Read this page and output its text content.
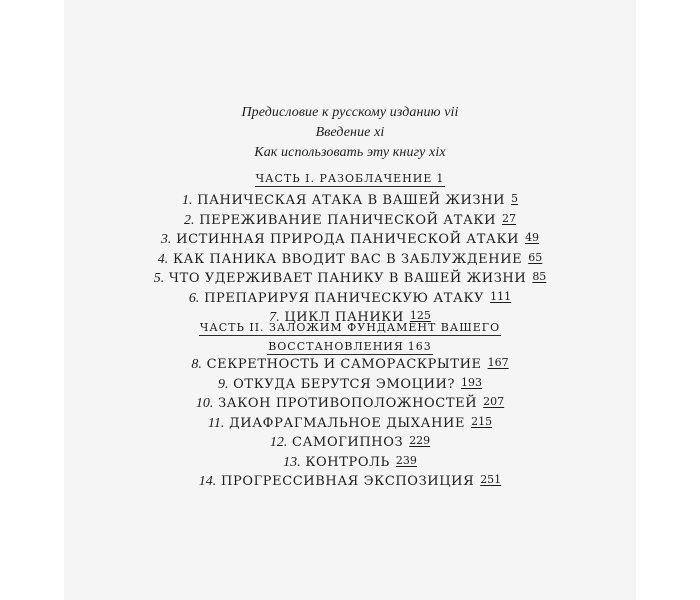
Предисловие к русскому изданию vii
Введение xi
Как использовать эту книгу xix
ЧАСТЬ I. РАЗОБЛАЧЕНИЕ 1
1. ПАНИЧЕСКАЯ АТАКА В ВАШЕЙ ЖИЗНИ 5
2. ПЕРЕЖИВАНИЕ ПАНИЧЕСКОЙ АТАКИ 27
3. ИСТИННАЯ ПРИРОДА ПАНИЧЕСКОЙ АТАКИ 49
4. КАК ПАНИКА ВВОДИТ ВАС В ЗАБЛУЖДЕНИЕ 65
5. ЧТО УДЕРЖИВАЕТ ПАНИКУ В ВАШЕЙ ЖИЗНИ 85
6. ПРЕПАРИРУЯ ПАНИЧЕСКУЮ АТАКУ 111
7. ЦИКЛ ПАНИКИ 125
ЧАСТЬ II. ЗАЛОЖИМ ФУНДАМЕНТ ВАШЕГО
ВОССТАНОВЛЕНИЯ 163
8. СЕКРЕТНОСТЬ И САМОРАСКРЫТИЕ 167
9. ОТКУДА БЕРУТСЯ ЭМОЦИИ? 193
10. ЗАКОН ПРОТИВОПОЛОЖНОСТЕЙ 207
11. ДИАФРАГМАЛЬНОЕ ДЫХАНИЕ 215
12. САМОГИПНОЗ 229
13. КОНТРОЛЬ 239
14. ПРОГРЕССИВНАЯ ЭКСПОЗИЦИЯ 251
